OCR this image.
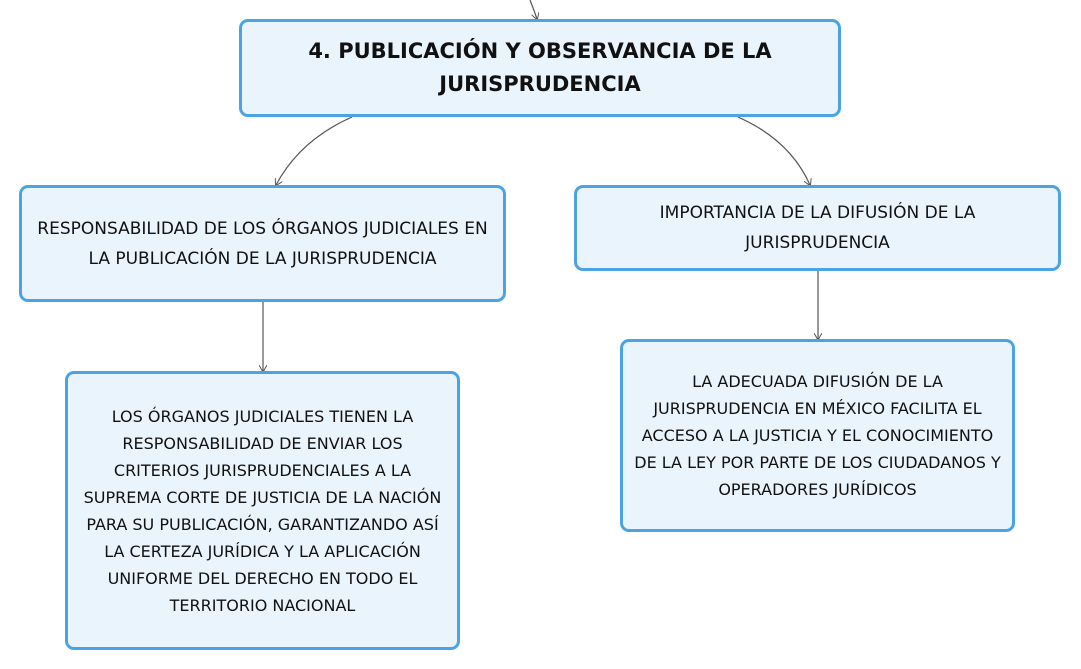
4. PUBLICACIÓN Y OBSERVANCIA DE LA JURISPRUDENCIA
RESPONSABILIDAD DE LOS ÓRGANOS JUDICIALES EN LA PUBLICACIÓN DE LA JURISPRUDENCIA
IMPORTANCIA DE LA DIFUSIÓN DE LA JURISPRUDENCIA
LOS ÓRGANOS JUDICIALES TIENEN LA RESPONSABILIDAD DE ENVIAR LOS CRITERIOS JURISPRUDENCIALES A LA SUPREMA CORTE DE JUSTICIA DE LA NACIÓN PARA SU PUBLICACIÓN, GARANTIZANDO ASÍ LA CERTEZA JURÍDICA Y LA APLICACIÓN UNIFORME DEL DERECHO EN TODO EL TERRITORIO NACIONAL
LA ADECUADA DIFUSIÓN DE LA JURISPRUDENCIA EN MÉXICO FACILITA EL ACCESO A LA JUSTICIA Y EL CONOCIMIENTO DE LA LEY POR PARTE DE LOS CIUDADANOS Y OPERADORES JURÍDICOS
